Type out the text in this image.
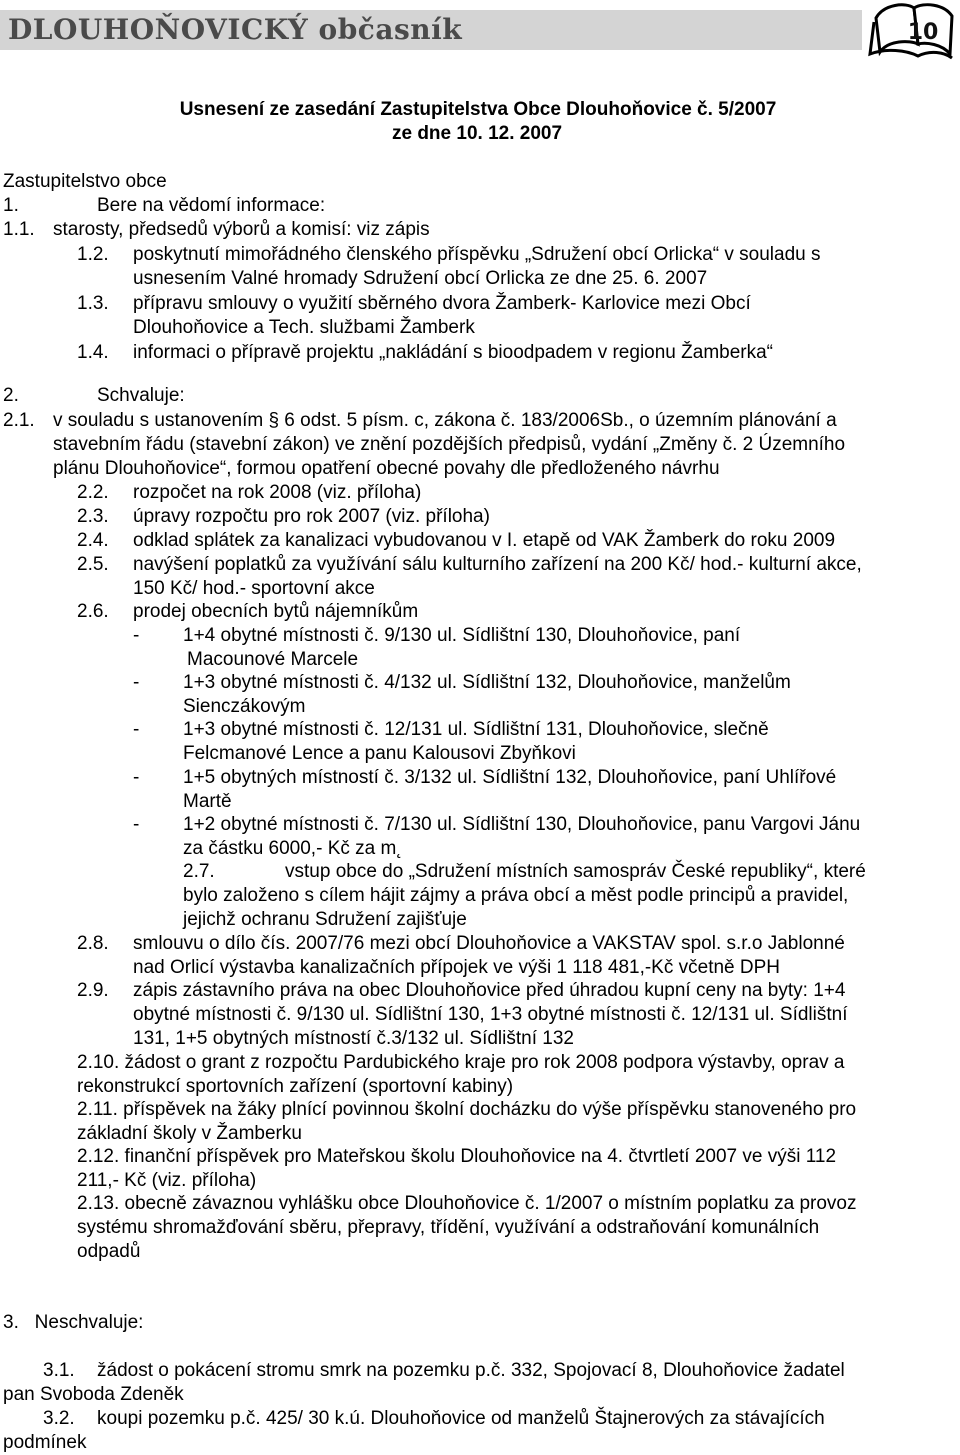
DLOUHOŇOVICKÝ občasník	10
Usnesení ze zasedání Zastupitelstva Obce Dlouhoňovice č. 5/2007
ze dne 10. 12. 2007
Zastupitelstvo obce
1.	Bere na vědomí informace:
1.1. starosty, předsedů výborů a komisí: viz zápis
1.2. poskytnutí mimořádného členského příspěvku „Sdružení obcí Orlicka“ v souladu s
usnesením Valné hromady Sdružení obcí Orlicka ze dne 25. 6. 2007
1.3. přípravu smlouvy o využití sběrného dvora Žamberk- Karlovice mezi Obcí
Dlouhoňovice a Tech. službami Žamberk
1.4. informaci o přípravě projektu „nakládání s bioodpadem v regionu Žamberka“
2.	Schvaluje:
2.1. v souladu s ustanovením § 6 odst. 5 písm. c, zákona č. 183/2006Sb., o územním plánování a
stavebním řádu (stavební zákon) ve znění pozdějších předpisů, vydání „Změny č. 2 Územního
plánu Dlouhoňovice“, formou opatření obecné povahy dle předloženého návrhu
2.2. rozpočet na rok 2008 (viz. příloha)
2.3. úpravy rozpočtu pro rok 2007 (viz. příloha)
2.4. odklad splátek za kanalizaci vybudovanou v I. etapě od VAK Žamberk do roku 2009
2.5. navýšení poplatků za využívání sálu kulturního zařízení na 200 Kč/ hod.- kulturní akce,
150 Kč/ hod.- sportovní akce
2.6. prodej obecních bytů nájemníkům
- 1+4 obytné místnosti č. 9/130 ul. Sídlištní 130, Dlouhoňovice, paní
Macounové Marcele
- 1+3 obytné místnosti č. 4/132 ul. Sídlištní 132, Dlouhoňovice, manželům
Sienczákovým
- 1+3 obytné místnosti č. 12/131 ul. Sídlištní 131, Dlouhoňovice, slečně
Felcmanové Lence a panu Kalousovi Zbyňkovi
- 1+5 obytných místností č. 3/132 ul. Sídlištní 132, Dlouhoňovice, paní Uhlířové
Martě
- 1+2 obytné místnosti č. 7/130 ul. Sídlištní 130, Dlouhoňovice, panu Vargovi Jánu
za částku 6000,- Kč za m˛
2.7.	vstup obce do „Sdružení místních samospráv České republiky“, které
bylo založeno s cílem hájit zájmy a práva obcí a měst podle principů a pravidel,
jejichž ochranu Sdružení zajišťuje
2.8. smlouvu o dílo čís. 2007/76 mezi obcí Dlouhoňovice a VAKSTAV spol. s.r.o Jablonné
nad Orlicí výstavba kanalizačních přípojek ve výši 1 118 481,-Kč včetně DPH
2.9. zápis zástavního práva na obec Dlouhoňovice před úhradou kupní ceny na byty: 1+4
obytné místnosti č. 9/130 ul. Sídlištní 130, 1+3 obytné místnosti č. 12/131 ul. Sídlištní
131, 1+5 obytných místností č.3/132 ul. Sídlištní 132
2.10. žádost o grant z rozpočtu Pardubického kraje pro rok 2008 podpora výstavby, oprav a
rekonstrukcí sportovních zařízení (sportovní kabiny)
2.11. příspěvek na žáky plnící povinnou školní docházku do výše příspěvku stanoveného pro
základní školy v Žamberku
2.12. finanční příspěvek pro Mateřskou školu Dlouhoňovice na 4. čtvrtletí 2007 ve výši 112
211,- Kč (viz. příloha)
2.13. obecně závaznou vyhlášku obce Dlouhoňovice č. 1/2007 o místním poplatku za provoz
systému shromažďování sběru, přepravy, třídění, využívání a odstraňování komunálních
odpadů
3.   Neschvaluje:
3.1. žádost o pokácení stromu smrk na pozemku p.č. 332, Spojovací 8, Dlouhoňovice žadatel
pan Svoboda Zdeněk
3.2. koupi pozemku p.č. 425/ 30 k.ú. Dlouhoňovice od manželů Štajnerových za stávajících
podmínek
